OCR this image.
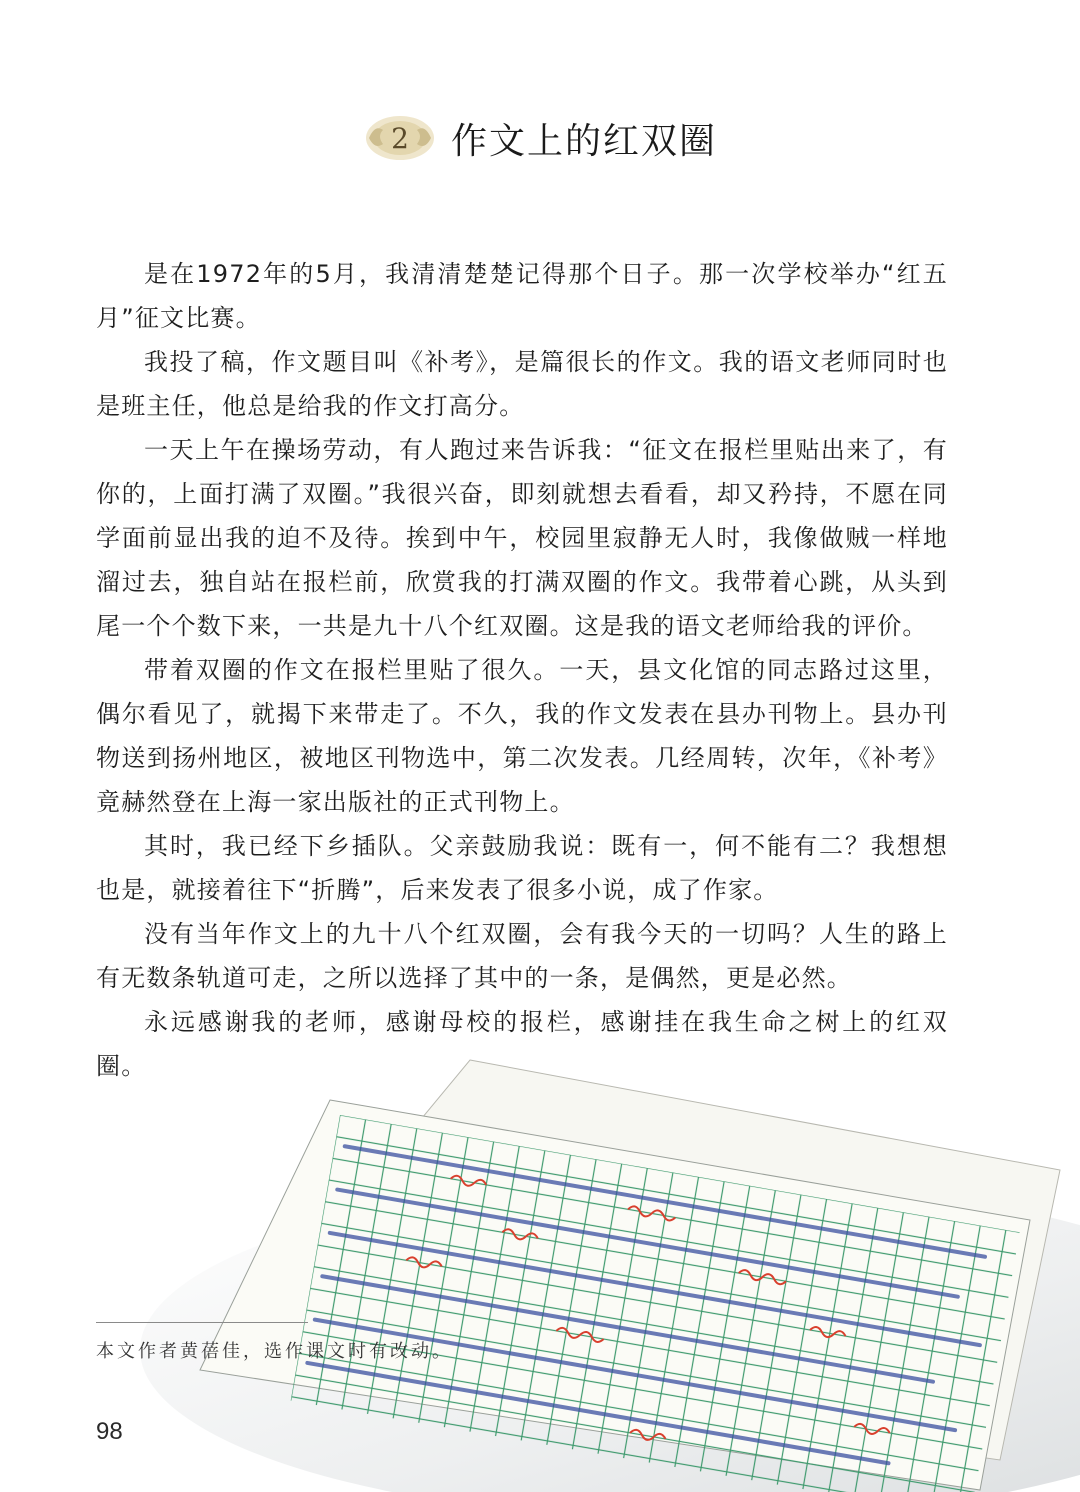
2 作文上的红双圈

是在1972年的5月，我清清楚楚记得那个日子。那一次学校举办“红五月”征文比赛。

我投了稿，作文题目叫《补考》，是篇很长的作文。我的语文老师同时也是班主任，他总是给我的作文打高分。

一天上午在操场劳动，有人跑过来告诉我：“征文在报栏里贴出来了，有你的，上面打满了双圈。”我很兴奋，即刻就想去看看，却又矜持，不愿在同学面前显出我的迫不及待。挨到中午，校园里寂静无人时，我像做贼一样地溜过去，独自站在报栏前，欣赏我的打满双圈的作文。我带着心跳，从头到尾一个个数下来，一共是九十八个红双圈。这是我的语文老师给我的评价。

带着双圈的作文在报栏里贴了很久。一天，县文化馆的同志路过这里，偶尔看见了，就揭下来带走了。不久，我的作文发表在县办刊物上。县办刊物送到扬州地区，被地区刊物选中，第二次发表。几经周转，次年，《补考》竟赫然登在上海一家出版社的正式刊物上。

其时，我已经下乡插队。父亲鼓励我说：既有一，何不能有二？我想想也是，就接着往下“折腾”，后来发表了很多小说，成了作家。

没有当年作文上的九十八个红双圈，会有我今天的一切吗？人生的路上有无数条轨道可走，之所以选择了其中的一条，是偶然，更是必然。

永远感谢我的老师，感谢母校的报栏，感谢挂在我生命之树上的红双圈。

本文作者黄蓓佳，选作课文时有改动。
98
